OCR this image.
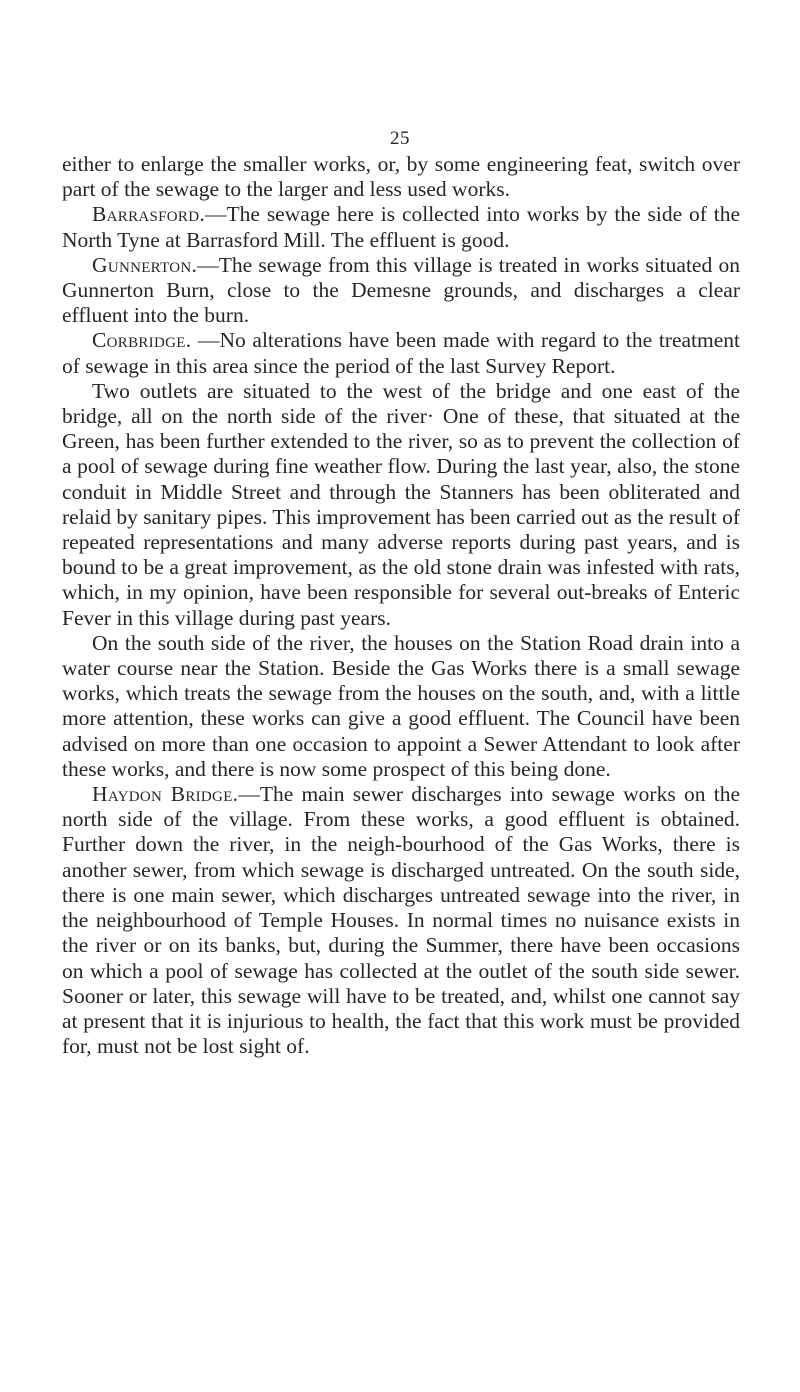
25

either to enlarge the smaller works, or, by some engineering feat, switch over part of the sewage to the larger and less used works.

Barrasford.—The sewage here is collected into works by the side of the North Tyne at Barrasford Mill. The effluent is good.

Gunnerton.—The sewage from this village is treated in works situated on Gunnerton Burn, close to the Demesne grounds, and discharges a clear effluent into the burn.

Corbridge. —No alterations have been made with regard to the treatment of sewage in this area since the period of the last Survey Report.

Two outlets are situated to the west of the bridge and one east of the bridge, all on the north side of the river· One of these, that situated at the Green, has been further extended to the river, so as to prevent the collection of a pool of sewage during fine weather flow. During the last year, also, the stone conduit in Middle Street and through the Stanners has been obliterated and relaid by sanitary pipes. This improvement has been carried out as the result of repeated representations and many adverse reports during past years, and is bound to be a great improvement, as the old stone drain was infested with rats, which, in my opinion, have been responsible for several out-breaks of Enteric Fever in this village during past years.

On the south side of the river, the houses on the Station Road drain into a water course near the Station. Beside the Gas Works there is a small sewage works, which treats the sewage from the houses on the south, and, with a little more attention, these works can give a good effluent. The Council have been advised on more than one occasion to appoint a Sewer Attendant to look after these works, and there is now some prospect of this being done.

Haydon Bridge.—The main sewer discharges into sewage works on the north side of the village. From these works, a good effluent is obtained. Further down the river, in the neigh-bourhood of the Gas Works, there is another sewer, from which sewage is discharged untreated. On the south side, there is one main sewer, which discharges untreated sewage into the river, in the neighbourhood of Temple Houses. In normal times no nuisance exists in the river or on its banks, but, during the Summer, there have been occasions on which a pool of sewage has collected at the outlet of the south side sewer. Sooner or later, this sewage will have to be treated, and, whilst one cannot say at present that it is injurious to health, the fact that this work must be provided for, must not be lost sight of.
